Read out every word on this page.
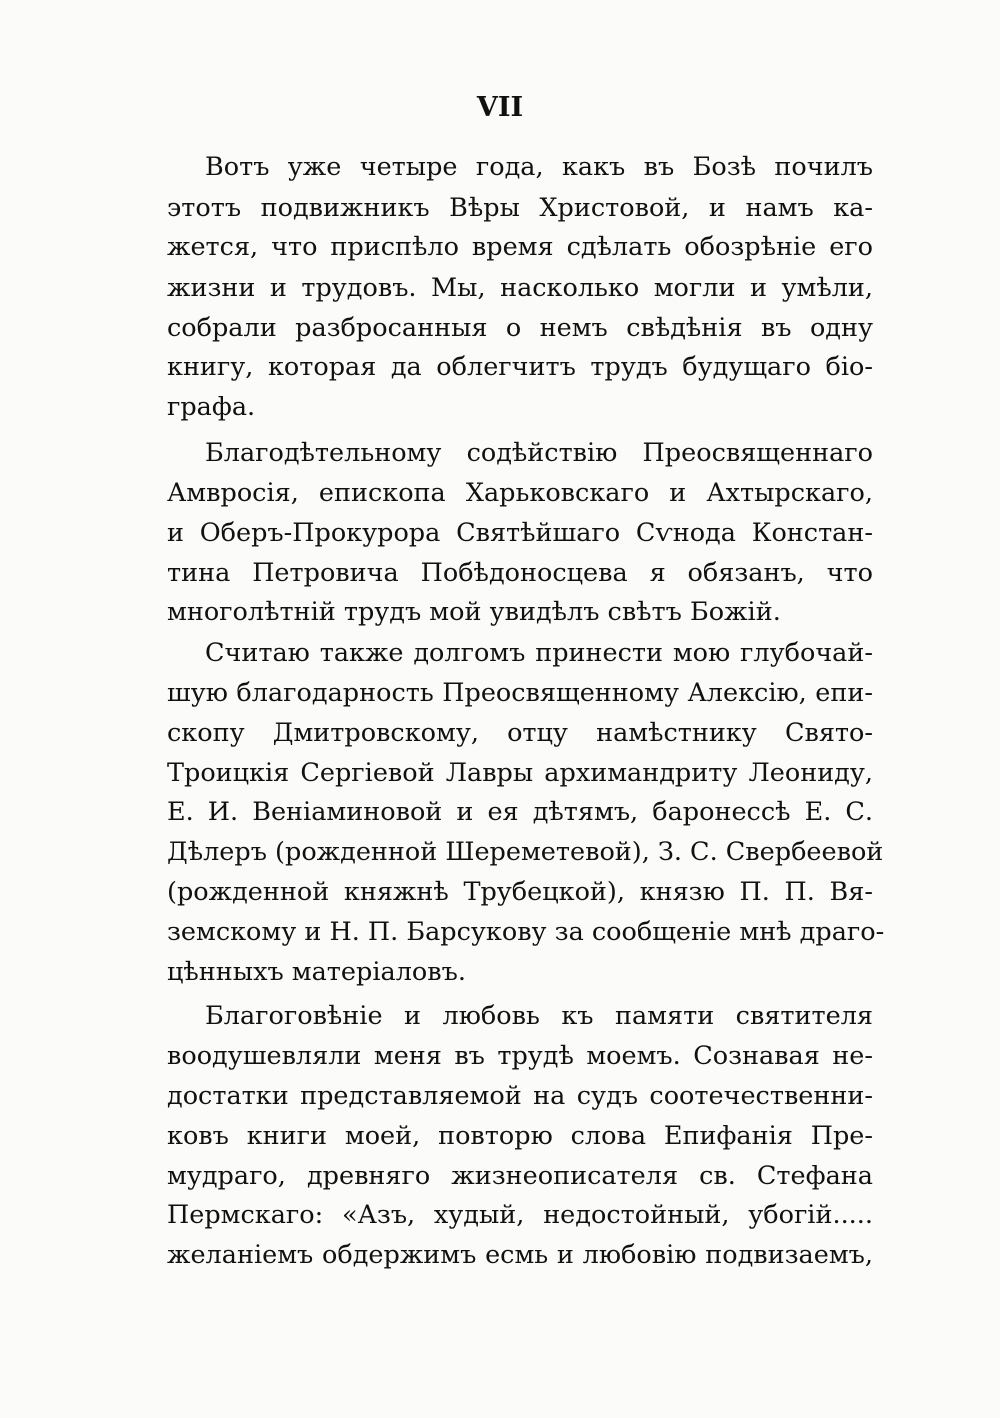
VII
Вотъ уже четыре года, какъ въ Бозѣ почилъ
этотъ подвижникъ Вѣры Христовой, и намъ ка-
жется, что приспѣло время сдѣлать обозрѣніе его
жизни и трудовъ. Мы, насколько могли и умѣли,
собрали разбросанныя о немъ свѣдѣнія въ одну
книгу, которая да облегчитъ трудъ будущаго біо-
графа.
Благодѣтельному содѣйствію Преосвященнаго
Амвросія, епископа Харьковскаго и Ахтырскаго,
и Оберъ-Прокурора Святѣйшаго Сѵнода Констан-
тина Петровича Побѣдоносцева я обязанъ, что
многолѣтній трудъ мой увидѣлъ свѣтъ Божій.
Считаю также долгомъ принести мою глубочай-
шую благодарность Преосвященному Алексію, епи-
скопу Дмитровскому, отцу намѣстнику Свято-
Троицкія Сергіевой Лавры архимандриту Леониду,
Е. И. Веніаминовой и ея дѣтямъ, баронессѣ Е. С.
Дѣлеръ (рожденной Шереметевой), З. С. Свербеевой
(рожденной княжнѣ Трубецкой), князю П. П. Вя-
земскому и Н. П. Барсукову за сообщеніе мнѣ драго-
цѣнныхъ матеріаловъ.
Благоговѣніе и любовь къ памяти святителя
воодушевляли меня въ трудѣ моемъ. Сознавая не-
достатки представляемой на судъ соотечественни-
ковъ книги моей, повторю слова Епифанія Пре-
мудраго, древняго жизнеописателя св. Стефана
Пермскаго: «Азъ, худый, недостойный, убогій.....
желаніемъ обдержимъ есмь и любовію подвизаемъ,
